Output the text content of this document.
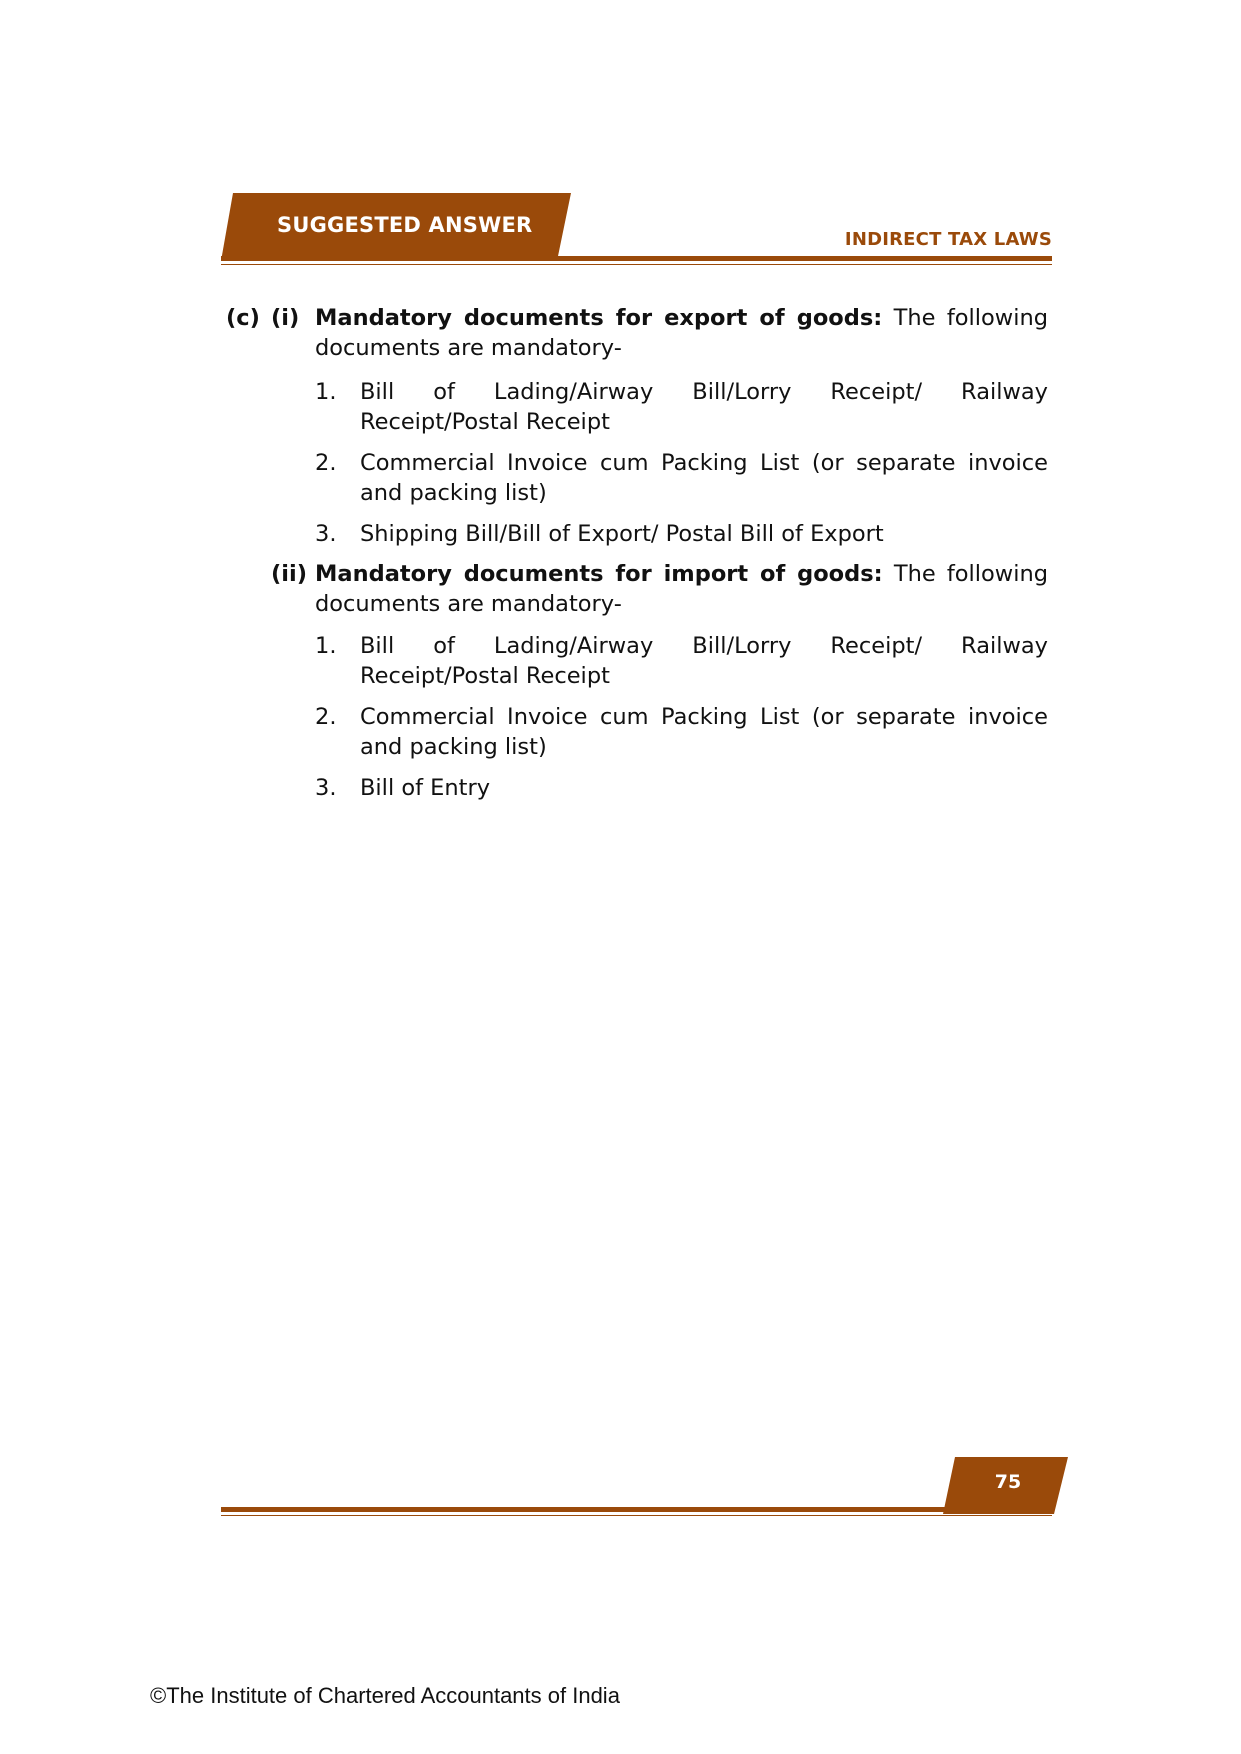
SUGGESTED ANSWER
INDIRECT TAX LAWS
(c) (i) Mandatory documents for export of goods: The following documents are mandatory-
1. Bill of Lading/Airway Bill/Lorry Receipt/ Railway Receipt/Postal Receipt
2. Commercial Invoice cum Packing List (or separate invoice and packing list)
3. Shipping Bill/Bill of Export/ Postal Bill of Export
(ii) Mandatory documents for import of goods: The following documents are mandatory-
1. Bill of Lading/Airway Bill/Lorry Receipt/ Railway Receipt/Postal Receipt
2. Commercial Invoice cum Packing List (or separate invoice and packing list)
3. Bill of Entry
75
©The Institute of Chartered Accountants of India
